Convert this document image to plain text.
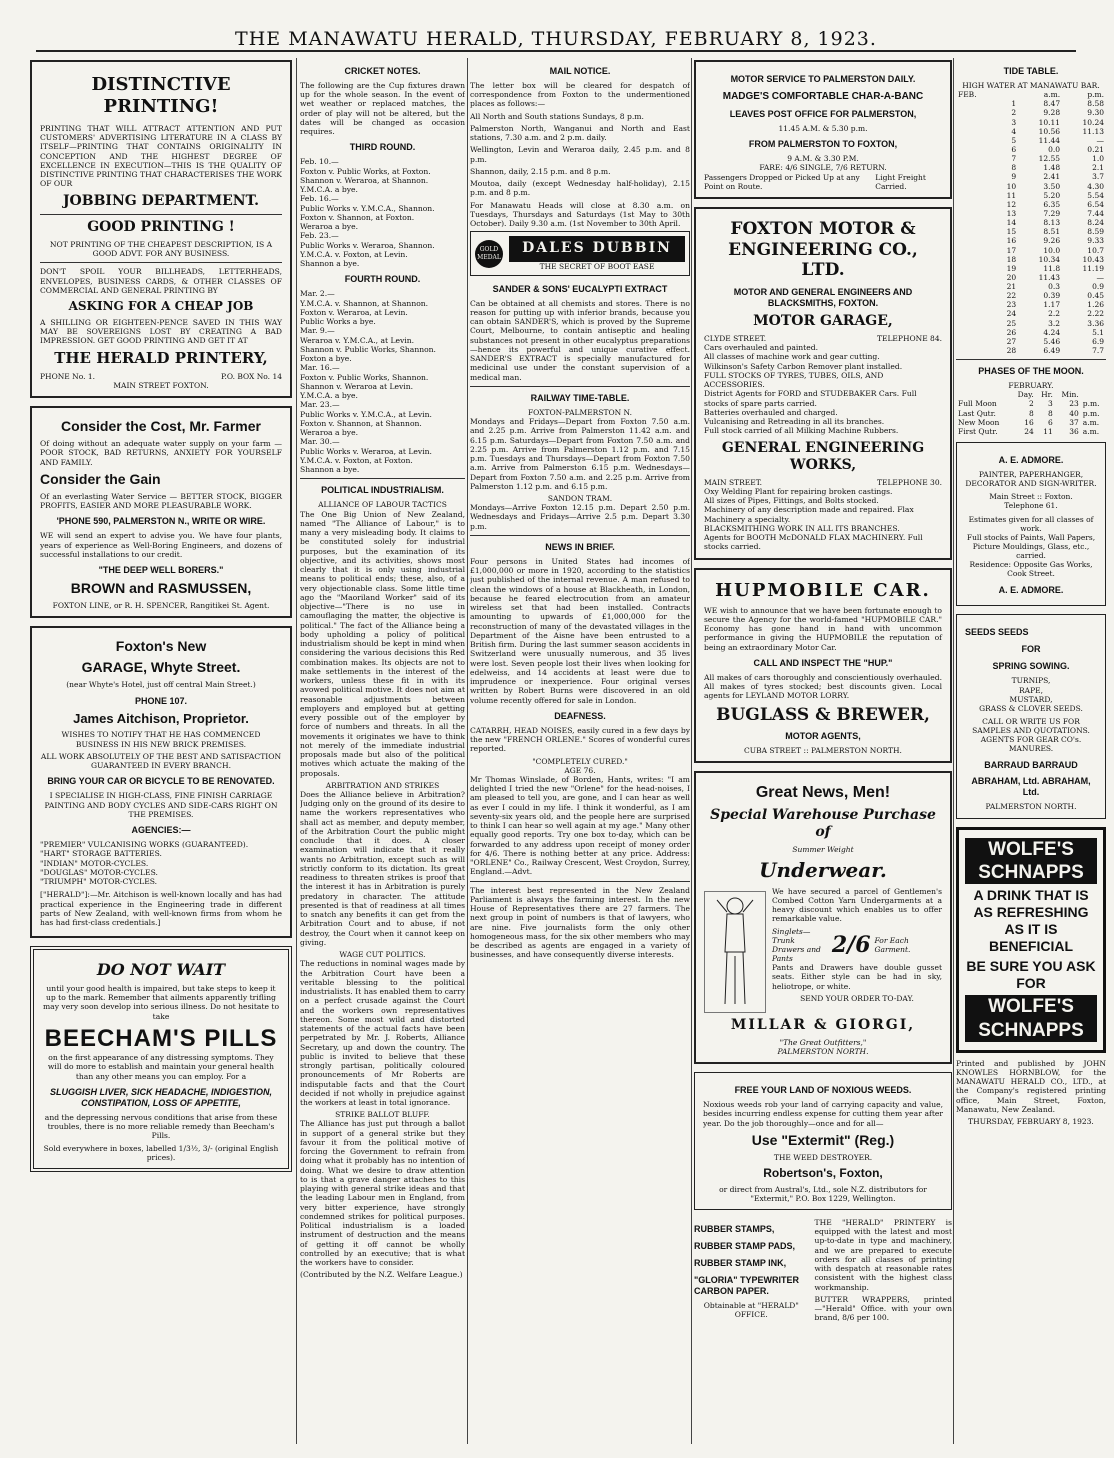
THE MANAWATU HERALD, THURSDAY, FEBRUARY 8, 1923.
DISTINCTIVE PRINTING!

PRINTING THAT WILL ATTRACT ATTENTION AND PUT CUSTOMERS' ADVERTISING LITERATURE IN A CLASS BY ITSELF—PRINTING THAT CONTAINS ORIGINALITY IN CONCEPTION AND THE HIGHEST DEGREE OF EXCELLENCE IN EXECUTION—THIS IS THE QUALITY OF DISTINCTIVE PRINTING THAT CHARACTERISES THE WORK OF OUR

JOBBING DEPARTMENT.
GOOD PRINTING !

NOT PRINTING OF THE CHEAPEST DESCRIPTION, IS A GOOD ADVT. FOR ANY BUSINESS.

DON'T SPOIL YOUR BILLHEADS, LETTERHEADS, ENVELOPES, BUSINESS CARDS, & OTHER CLASSES OF COMMERCIAL AND GENERAL PRINTING BY

ASKING FOR A CHEAP JOB

A SHILLING OR EIGHTEEN-PENCE SAVED IN THIS WAY MAY BE SOVEREIGNS LOST BY CREATING A BAD IMPRESSION. GET GOOD PRINTING AND GET IT AT

THE HERALD PRINTERY,
PHONE No. 1.	P.O. BOX No. 14
MAIN STREET FOXTON.
Consider the Cost, Mr. Farmer

Of doing without an adequate water supply on your farm — POOR STOCK, BAD RETURNS, ANXIETY FOR YOURSELF AND FAMILY.

Consider the Gain

Of an everlasting Water Service — BETTER STOCK, BIGGER PROFITS, EASIER AND MORE PLEASURABLE WORK.

'PHONE 590, PALMERSTON N., WRITE OR WIRE.

WE will send an expert to advise you. We have four plants, years of experience as Well-Boring Engineers, and dozens of successful installations to our credit.

"THE DEEP WELL BORERS."
BROWN and RASMUSSEN,
FOXTON LINE, or R. H. SPENCER, Rangitikei St. Agent.
Foxton's New
GARAGE, Whyte Street.
(near Whyte's Hotel, just off central Main Street.)
PHONE 107.
James Aitchison, Proprietor.

WISHES TO NOTIFY THAT HE HAS COMMENCED BUSINESS IN HIS NEW BRICK PREMISES.

ALL WORK ABSOLUTELY OF THE BEST AND SATISFACTION GUARANTEED IN EVERY BRANCH.

BRING YOUR CAR OR BICYCLE TO BE RENOVATED.

I SPECIALISE IN HIGH-CLASS, FINE FINISH CARRIAGE PAINTING AND BODY CYCLES AND SIDE-CARS RIGHT ON THE PREMISES.

AGENCIES:—
"PREMIER" VULCANISING WORKS (GUARANTEED).
"HART" STORAGE BATTERIES.
"INDIAN" MOTOR-CYCLES.
"DOUGLAS" MOTOR-CYCLES.
"TRIUMPH" MOTOR-CYCLES.

["HERALD"]:—Mr. Aitchison is well-known locally and has had practical experience in the Engineering trade in different parts of New Zealand, with well-known firms from whom he has had first-class credentials.]

DO NOT WAIT

until your good health is impaired, but take steps to keep it up to the mark. Remember that ailments apparently trifling may very soon develop into serious illness. Do not hesitate to take

BEECHAM'S PILLS

on the first appearance of any distressing symptoms. They will do more to establish and maintain your general health than any other means you can employ. For a

SLUGGISH LIVER, SICK HEADACHE, INDIGESTION, CONSTIPATION, LOSS OF APPETITE,

and the depressing nervous conditions that arise from these troubles, there is no more reliable remedy than Beecham's Pills.

Sold everywhere in boxes, labelled 1/3½, 3/- (original English prices).
CRICKET NOTES.

The following are the Cup fixtures drawn up for the whole season. In the event of wet weather or replaced matches, the order of play will not be altered, but the dates will be changed as occasion requires.

THIRD ROUND.
Feb. 10.—
Foxton v. Public Works, at Foxton.
Shannon v. Weraroa, at Shannon.
Y.M.C.A. a bye.
Feb. 16.—
Public Works v. Y.M.C.A., Shannon.
Foxton v. Shannon, at Foxton.
Weraroa a bye.
Feb. 23.—
Public Works v. Weraroa, Shannon.
Y.M.C.A. v. Foxton, at Levin.
Shannon a bye.
FOURTH ROUND.
Mar. 2.—
Y.M.C.A. v. Shannon, at Shannon.
Foxton v. Weraroa, at Levin.
Public Works a bye.
Mar. 9.—
Weraroa v. Y.M.C.A., at Levin.
Shannon v. Public Works, Shannon.
Foxton a bye.
Mar. 16.—
Foxton v. Public Works, Shannon.
Shannon v. Weraroa at Levin.
Y.M.C.A. a bye.
Mar. 23.—
Public Works v. Y.M.C.A., at Levin.
Foxton v. Shannon, at Shannon.
Weraroa a bye.
Mar. 30.—
Public Works v. Weraroa, at Levin.
Y.M.C.A. v. Foxton, at Foxton.
Shannon a bye.
POLITICAL INDUSTRIALISM.
ALLIANCE OF LABOUR TACTICS

The One Big Union of New Zealand, named "The Alliance of Labour," is to many a very misleading body. It claims to be constituted solely for industrial purposes, but the examination of its objective, and its activities, shows most clearly that it is only using industrial means to political ends; these, also, of a very objectionable class. Some little time ago the "Maoriland Worker" said of its objective—"There is no use in camouflaging the matter, the objective is political." The fact of the Alliance being a body upholding a policy of political industrialism should be kept in mind when considering the various decisions this Red combination makes. Its objects are not to make settlements in the interest of the workers, unless these fit in with its avowed political motive. It does not aim at reasonable adjustments between employers and employed but at getting every possible out of the employer by force of numbers and threats. In all the movements it originates we have to think not merely of the immediate industrial proposals made but also of the political motives which actuate the making of the proposals.

ARBITRATION AND STRIKES

Does the Alliance believe in Arbitration? Judging only on the ground of its desire to name the workers representatives who shall act as member, and deputy member, of the Arbitration Court the public might conclude that it does. A closer examination will indicate that it really wants no Arbitration, except such as will strictly conform to its dictation. Its great readiness to threaten strikes is proof that the interest it has in Arbitration is purely predatory in character. The attitude presented is that of readiness at all times to snatch any benefits it can get from the Arbitration Court and to abuse, if not destroy, the Court when it cannot keep on giving.

WAGE CUT POLITICS.

The reductions in nominal wages made by the Arbitration Court have been a veritable blessing to the political industrialists. It has enabled them to carry on a perfect crusade against the Court and the workers own representatives thereon. Some most wild and distorted statements of the actual facts have been perpetrated by Mr. J. Roberts, Alliance Secretary, up and down the country. The public is invited to believe that these strongly partisan, politically coloured pronouncements of Mr Roberts are indisputable facts and that the Court decided if not wholly in prejudice against the workers at least in total ignorance.

STRIKE BALLOT BLUFF.

The Alliance has just put through a ballot in support of a general strike but they favour it from the political motive of forcing the Government to refrain from doing what it probably has no intention of doing. What we desire to draw attention to is that a grave danger attaches to this playing with general strike ideas and that the leading Labour men in England, from very bitter experience, have strongly condemned strikes for political purposes. Political industrialism is a loaded instrument of destruction and the means of getting it off cannot be wholly controlled by an executive; that is what the workers have to consider.

(Contributed by the N.Z. Welfare League.)

MAIL NOTICE.

The letter box will be cleared for despatch of correspondence from Foxton to the undermentioned places as follows:—

All North and South stations Sundays, 8 p.m.

Palmerston North, Wanganui and North and East stations, 7.30 a.m. and 2 p.m. daily.

Wellington, Levin and Weraroa daily, 2.45 p.m. and 8 p.m.

Shannon, daily, 2.15 p.m. and 8 p.m.

Moutoa, daily (except Wednesday half-holiday), 2.15 p.m. and 8 p.m.

For Manawatu Heads will close at 8.30 a.m. on Tuesdays, Thursdays and Saturdays (1st May to 30th October). Daily 9.30 a.m. (1st November to 30th April.

GOLD MEDAL
DALES DUBBIN
THE SECRET OF BOOT EASE
SANDER & SONS' EUCALYPTI EXTRACT

Can be obtained at all chemists and stores. There is no reason for putting up with inferior brands, because you can obtain SANDER'S, which is proved by the Supreme Court, Melbourne, to contain antiseptic and healing substances not present in other eucalyptus preparations—hence its powerful and unique curative effect. SANDER'S EXTRACT is specially manufactured for medicinal use under the constant supervision of a medical man.

RAILWAY TIME-TABLE.
FOXTON-PALMERSTON N.

Mondays and Fridays—Depart from Foxton 7.50 a.m. and 2.25 p.m. Arrive from Palmerston 11.42 a.m. and 6.15 p.m. Saturdays—Depart from Foxton 7.50 a.m. and 2.25 p.m. Arrive from Palmerston 1.12 p.m. and 7.15 p.m. Tuesdays and Thursdays—Depart from Foxton 7.50 a.m. Arrive from Palmerston 6.15 p.m. Wednesdays—Depart from Foxton 7.50 a.m. and 2.25 p.m. Arrive from Palmerston 1.12 p.m. and 6.15 p.m.

SANDON TRAM.

Mondays—Arrive Foxton 12.15 p.m. Depart 2.50 p.m. Wednesdays and Fridays—Arrive 2.5 p.m. Depart 3.30 p.m.

NEWS IN BRIEF.

Four persons in United States had incomes of £1,000,000 or more in 1920, according to the statistics just published of the internal revenue. A man refused to clean the windows of a house at Blackheath, in London, because he feared electrocution from an amateur wireless set that had been installed. Contracts amounting to upwards of £1,000,000 for the reconstruction of many of the devastated villages in the Department of the Aisne have been entrusted to a British firm. During the last summer season accidents in Switzerland were unusually numerous, and 35 lives were lost. Seven people lost their lives when looking for edelweiss, and 14 accidents at least were due to imprudence or inexperience. Four original verses written by Robert Burns were discovered in an old volume recently offered for sale in London.

DEAFNESS.

CATARRH, HEAD NOISES, easily cured in a few days by the new "FRENCH ORLENE." Scores of wonderful cures reported.

"COMPLETELY CURED."
AGE 76.

Mr Thomas Winslade, of Borden, Hants, writes: "I am delighted I tried the new "Orlene" for the head-noises, I am pleased to tell you, are gone, and I can hear as well as ever I could in my life. I think it wonderful, as I am seventy-six years old, and the people here are surprised to think I can hear so well again at my age." Many other equally good reports. Try one box to-day, which can be forwarded to any address upon receipt of money order for 4/6. There is nothing better at any price. Address: "ORLENE" Co., Railway Crescent, West Croydon, Surrey, England.—Advt.

The interest best represented in the New Zealand Parliament is always the farming interest. In the new House of Representatives there are 27 farmers. The next group in point of numbers is that of lawyers, who are nine. Five journalists form the only other homogeneous mass, for the six other members who may be described as agents are engaged in a variety of businesses, and have consequently diverse interests.

MOTOR SERVICE TO PALMERSTON DAILY.
MADGE'S COMFORTABLE CHAR-A-BANC
LEAVES POST OFFICE FOR PALMERSTON,
11.45 A.M. & 5.30 p.m.
FROM PALMERSTON TO FOXTON,
9 A.M. & 3.30 P.M.
FARE: 4/6 SINGLE, 7/6 RETURN.
Passengers Dropped or Picked Up at any Point on Route.
Light Freight Carried.
FOXTON MOTOR & ENGINEERING CO., LTD.
MOTOR AND GENERAL ENGINEERS AND BLACKSMITHS, FOXTON.
MOTOR GARAGE,
CLYDE STREET.	TELEPHONE 84.
Cars overhauled and painted.
All classes of machine work and gear cutting.
Wilkinson's Safety Carbon Remover plant installed.
FULL STOCKS OF TYRES, TUBES, OILS, AND ACCESSORIES.
District Agents for FORD and STUDEBAKER Cars. Full stocks of spare parts carried.
Batteries overhauled and charged.
Vulcanising and Retreading in all its branches.
Full stock carried of all Milking Machine Rubbers.
GENERAL ENGINEERING WORKS,
MAIN STREET.	TELEPHONE 30.
Oxy Welding Plant for repairing broken castings.
All sizes of Pipes, Fittings, and Bolts stocked.
Machinery of any description made and repaired. Flax Machinery a specialty.
BLACKSMITHING WORK IN ALL ITS BRANCHES.
Agents for BOOTH McDONALD FLAX MACHINERY. Full stocks carried.
HUPMOBILE CAR.

WE wish to announce that we have been fortunate enough to secure the Agency for the world-famed "HUPMOBILE CAR." Economy has gone hand in hand with uncommon performance in giving the HUPMOBILE the reputation of being an extraordinary Motor Car.

CALL AND INSPECT THE "HUP."

All makes of cars thoroughly and conscientiously overhauled. All makes of tyres stocked; best discounts given. Local agents for LEYLAND MOTOR LORRY.

BUGLASS & BREWER,
MOTOR AGENTS,
CUBA STREET :: PALMERSTON NORTH.
Great News, Men!
Special Warehouse Purchase of
Summer Weight
Underwear.

We have secured a parcel of Gentlemen's Combed Cotton Yarn Undergarments at a heavy discount which enables us to offer remarkable value.

Singlets—Trunk Drawers and Pants
2/6 For Each Garment.

Pants and Drawers have double gusset seats. Either style can be had in sky, heliotrope, or white.

SEND YOUR ORDER TO-DAY.
MILLAR & GIORGI,
"The Great Outfitters,"
PALMERSTON NORTH.
FREE YOUR LAND OF NOXIOUS WEEDS.

Noxious weeds rob your land of carrying capacity and value, besides incurring endless expense for cutting them year after year. Do the job thoroughly—once and for all—

Use "Extermit" (Reg.)
THE WEED DESTROYER.
Robertson's, Foxton,
or direct from Austral's, Ltd., sole N.Z. distributors for "Extermit," P.O. Box 1229, Wellington.
RUBBER STAMPS,
RUBBER STAMP PADS,
RUBBER STAMP INK,
"GLORIA" TYPEWRITER CARBON PAPER.
Obtainable at "HERALD" OFFICE.

THE "HERALD" PRINTERY is equipped with the latest and most up-to-date in type and machinery, and we are prepared to execute orders for all classes of printing with despatch at reasonable rates consistent with the highest class workmanship.

BUTTER WRAPPERS, printed—"Herald" Office. with your own brand, 8/6 per 100.

TIDE TABLE.
HIGH WATER AT MANAWATU BAR.
FEB.		a.m.	p.m.
	1	8.47	8.58
	2	9.28	9.30
	3	10.11	10.24
	4	10.56	11.13
	5	11.44	—
	6	0.0	0.21
	7	12.55	1.0
	8	1.48	2.1
	9	2.41	3.7
	10	3.50	4.30
	11	5.20	5.54
	12	6.35	6.54
	13	7.29	7.44
	14	8.13	8.24
	15	8.51	8.59
	16	9.26	9.33
	17	10.0	10.7
	18	10.34	10.43
	19	11.8	11.19
	20	11.43	—
	21	0.3	0.9
	22	0.39	0.45
	23	1.17	1.26
	24	2.2	2.22
	25	3.2	3.36
	26	4.24	5.1
	27	5.46	6.9
	28	6.49	7.7
PHASES OF THE MOON.
FEBRUARY.
	Day.	Hr.	Min.	
Full Moon	2	3	23	p.m.
Last Qutr.	8	8	40	p.m.
New Moon	16	6	37	a.m.
First Qutr.	24	11	36	a.m.
A. E. ADMORE.
PAINTER, PAPERHANGER, DECORATOR AND SIGN-WRITER.
Main Street :: Foxton.
Telephone 61.
Estimates given for all classes of work.
Full stocks of Paints, Wall Papers, Picture Mouldings, Glass, etc., carried.
Residence: Opposite Gas Works, Cook Street.
A. E. ADMORE.
SEEDS SEEDS
FOR
SPRING SOWING.
TURNIPS,
RAPE,
MUSTARD,
GRASS & CLOVER SEEDS.
CALL OR WRITE US FOR SAMPLES AND QUOTATIONS.
AGENTS FOR GEAR CO's. MANURES.
BARRAUD BARRAUD
ABRAHAM, Ltd. ABRAHAM, Ltd.
PALMERSTON NORTH.
WOLFE'S SCHNAPPS
A DRINK THAT IS AS REFRESHING AS IT IS BENEFICIAL
BE SURE YOU ASK FOR
WOLFE'S SCHNAPPS

Printed and published by JOHN KNOWLES HORNBLOW, for the MANAWATU HERALD CO., LTD., at the Company's registered printing office, Main Street, Foxton, Manawatu, New Zealand.

THURSDAY, FEBRUARY 8, 1923.
